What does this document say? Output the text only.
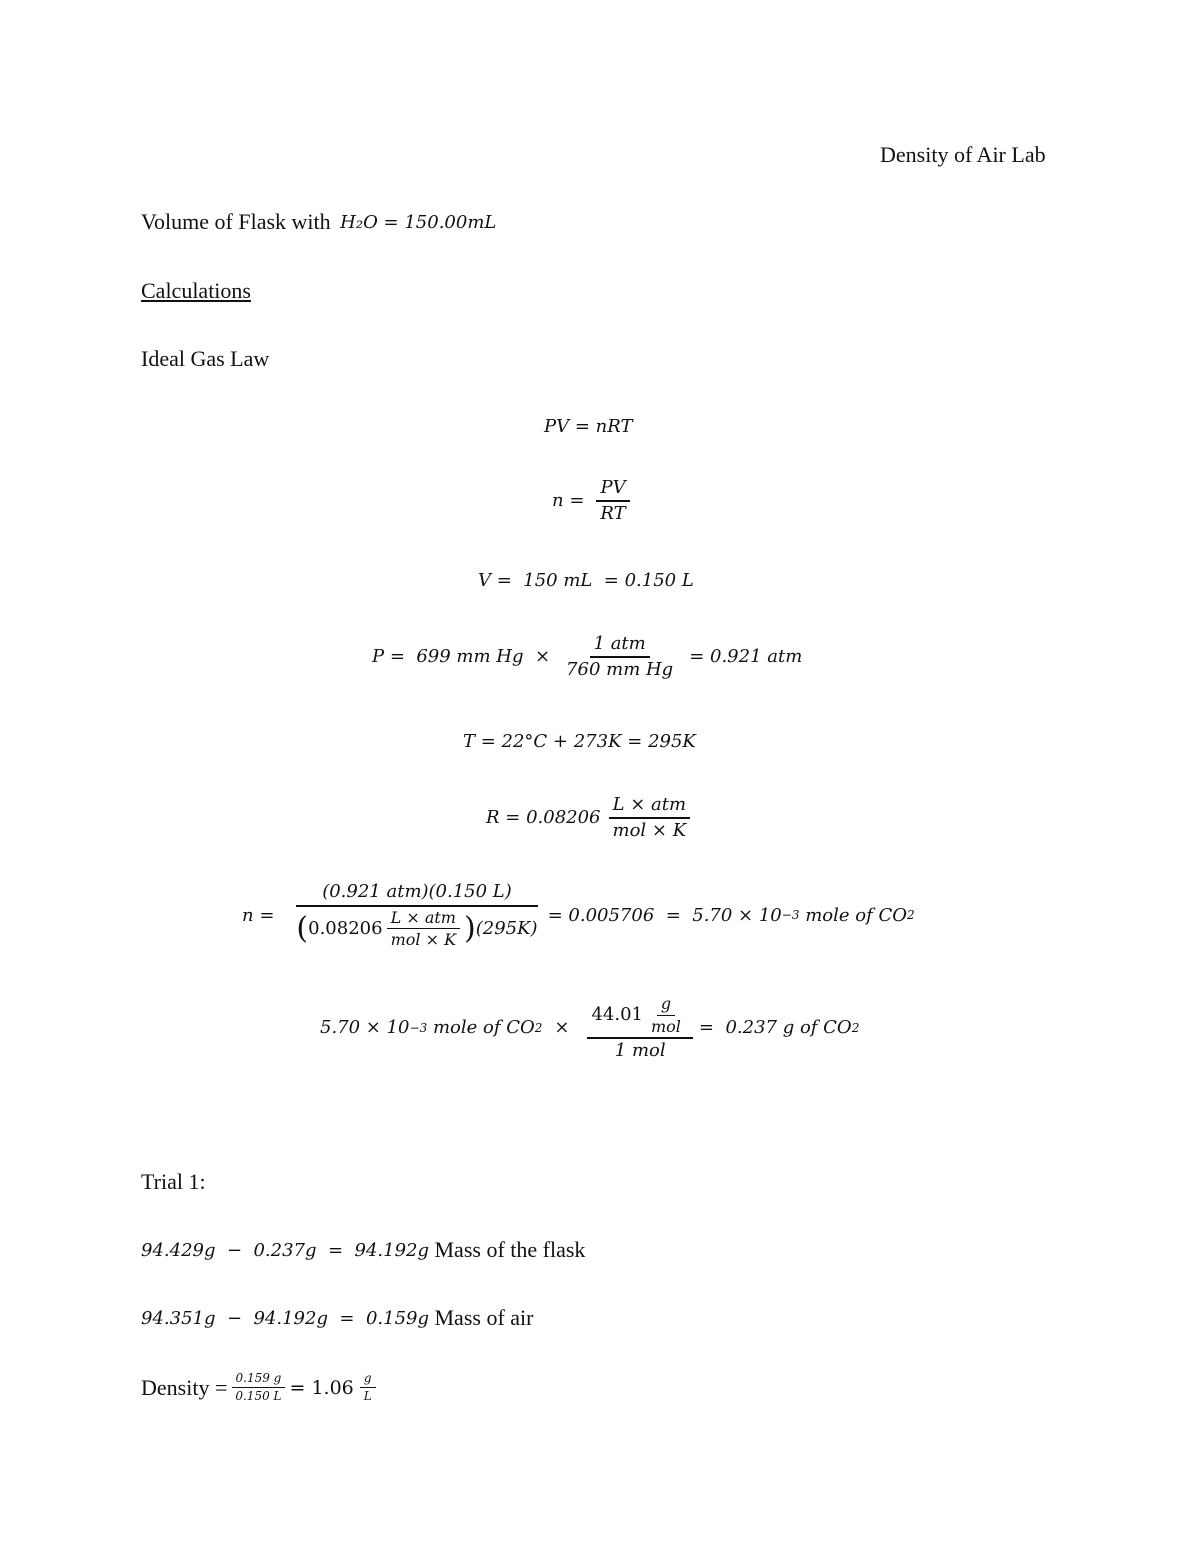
Density of Air Lab
Volume of Flask with H₂O = 150.00mL
Calculations
Ideal Gas Law
PV = nRT
$n = \frac{PV}{RT}$
V =  150 mL  = 0.150 L
P =  699 mm $Hg \times \frac{\text{1 atm}}{\text{760 mm Hg}} = 0.921$ atm
T = 22°C + 273K = 295K
$R = 0.08206 \frac{\text{L × atm}}{\text{mol × K}}$
n =
(0.921 atm)(0.150 L)
( $0.08206 \frac{\text{L × atm}}{\text{mol × K}}$ ) (295K)
= 0.005706  =  5.70 × 10 −3 mole of CO 2
5.70 × 10 −3 mole of CO $2 \times \frac{44.01 \frac{g}{\text{mol}}}{\text{1 mol}} = 0.237$ g of CO 2
Trial 1:
94.429g  −  0.237g  =  94.192g Mass of the flask
94.351g  −  94.192g  =  0.159g Mass of air
Density = $\frac{0.159 g}{0.150 L} = 1.06 \frac{g}{L}$
